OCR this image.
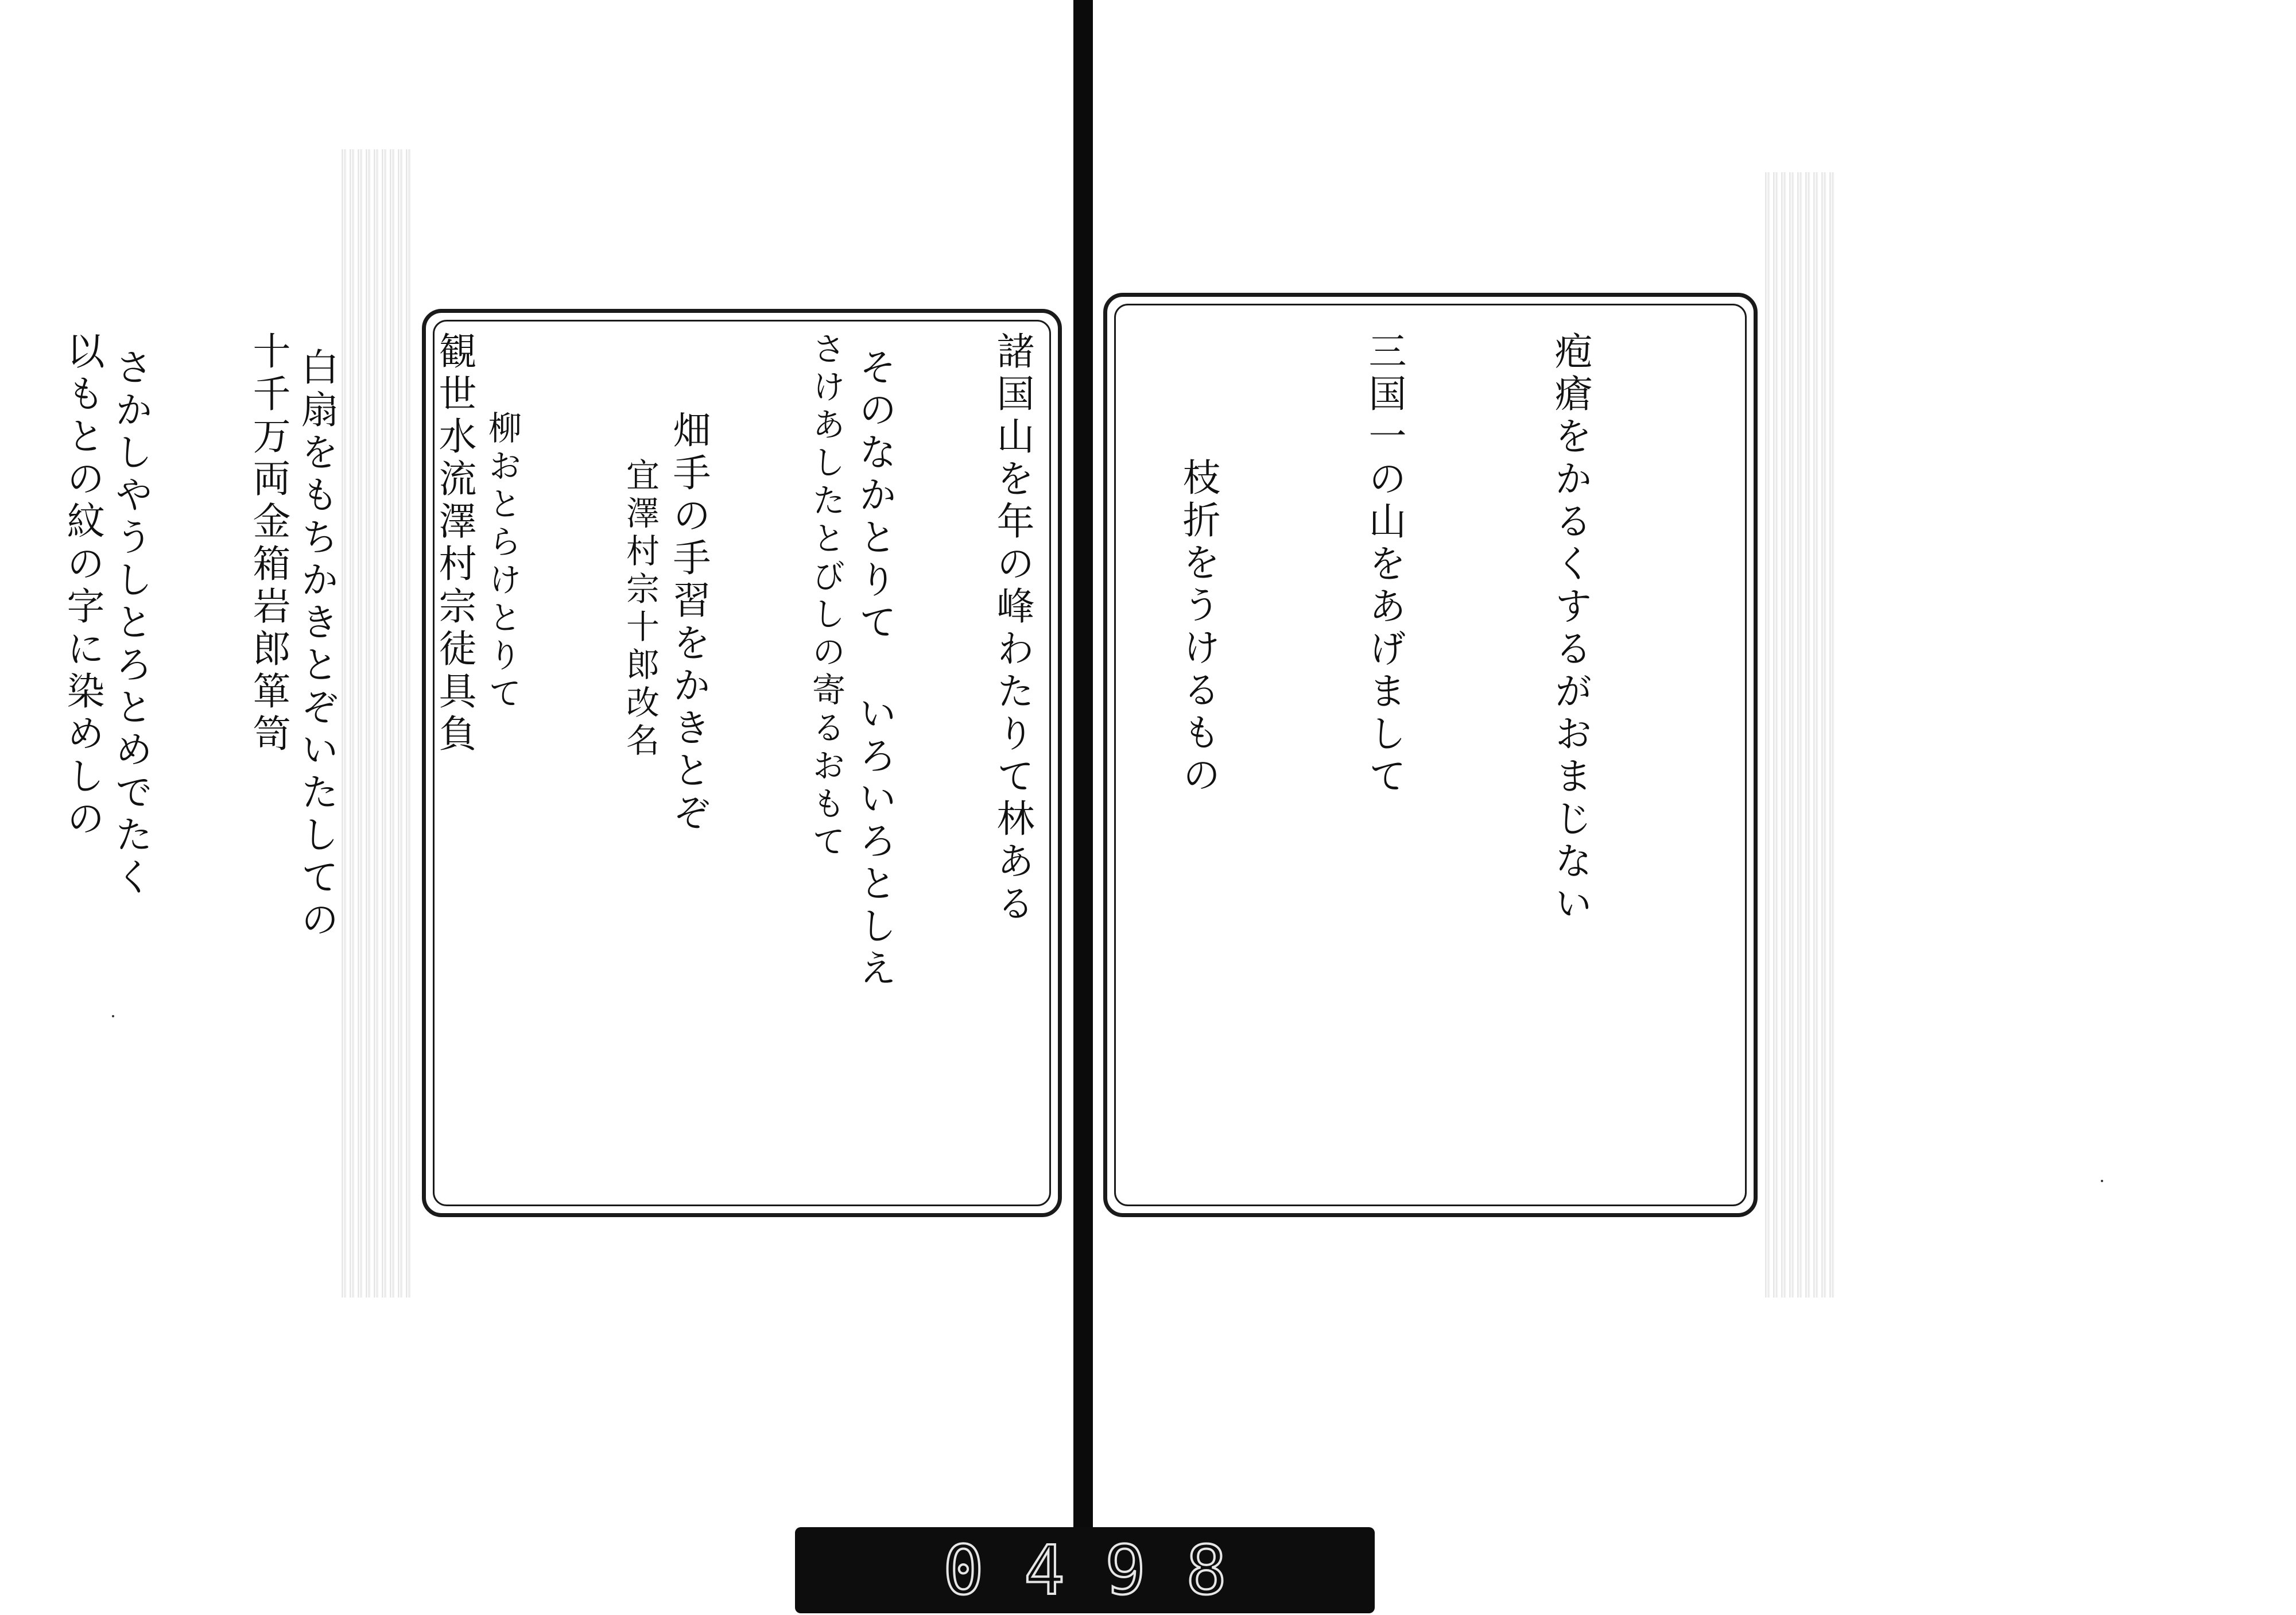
そのなかとりて いろいろとしえ

畑手の手習をかきとぞ

柳おとらけとりて

白扇をもちかきとぞいたしての

さかしやうしとろとめでたく

	疱瘡をかるくするがおまじない

三国一の山をあげまして

枝折をうけるもの

諸国山を年の峰わたりて林ある

さけあしたとびしの寄るおもて

宜澤村宗十郎改名

観世水流澤村宗徒具負

十千万両金箱岩郎箪笥

以もとの紋の字に染めしの

0498
